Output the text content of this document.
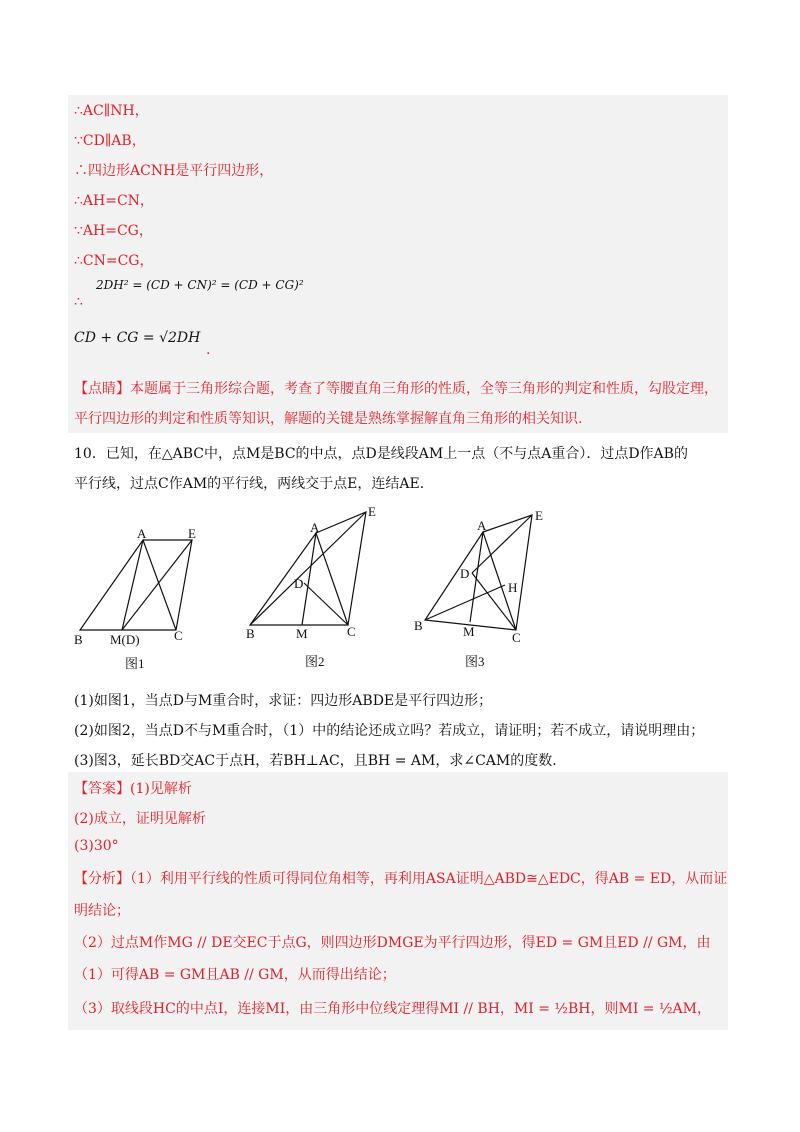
∴AC∥NH，
∵CD∥AB，
∴四边形ACNH是平行四边形，
∴AH=CN，
∵AH=CG，
∴CN=CG，
∴
2DH² = (CD + CN)² = (CD + CG)²
CD + CG = √2DH
.
【点睛】本题属于三角形综合题，考查了等腰直角三角形的性质，全等三角形的判定和性质，勾股定理，
平行四边形的判定和性质等知识，解题的关键是熟练掌握解直角三角形的相关知识.
10．已知，在△ABC中，点M是BC的中点，点D是线段AM上一点（不与点A重合）．过点D作AB的
平行线，过点C作AM的平行线，两线交于点E，连结AE．
A	E
B M(D)	C
图1
A
E
D
B	M	C
图2
A
E
H
D
B	M	C
图3
(1)如图1，当点D与M重合时，求证：四边形ABDE是平行四边形；
(2)如图2，当点D不与M重合时，（1）中的结论还成立吗？若成立，请证明；若不成立，请说明理由；
(3)图3，延长BD交AC于点H，若BH⊥AC，且BH = AM，求∠CAM的度数.
【答案】(1)见解析
(2)成立，证明见解析
(3)30°
【分析】（1）利用平行线的性质可得同位角相等，再利用ASA证明△ABD≅△EDC，得AB = ED，从而证
明结论；
（2）过点M作MG // DE交EC于点G，则四边形DMGE为平行四边形，得ED = GM且ED // GM，由
（1）可得AB = GM且AB // GM，从而得出结论；
（3）取线段HC的中点I，连接MI，由三角形中位线定理得MI // BH，MI = ½BH，则MI = ½AM，
